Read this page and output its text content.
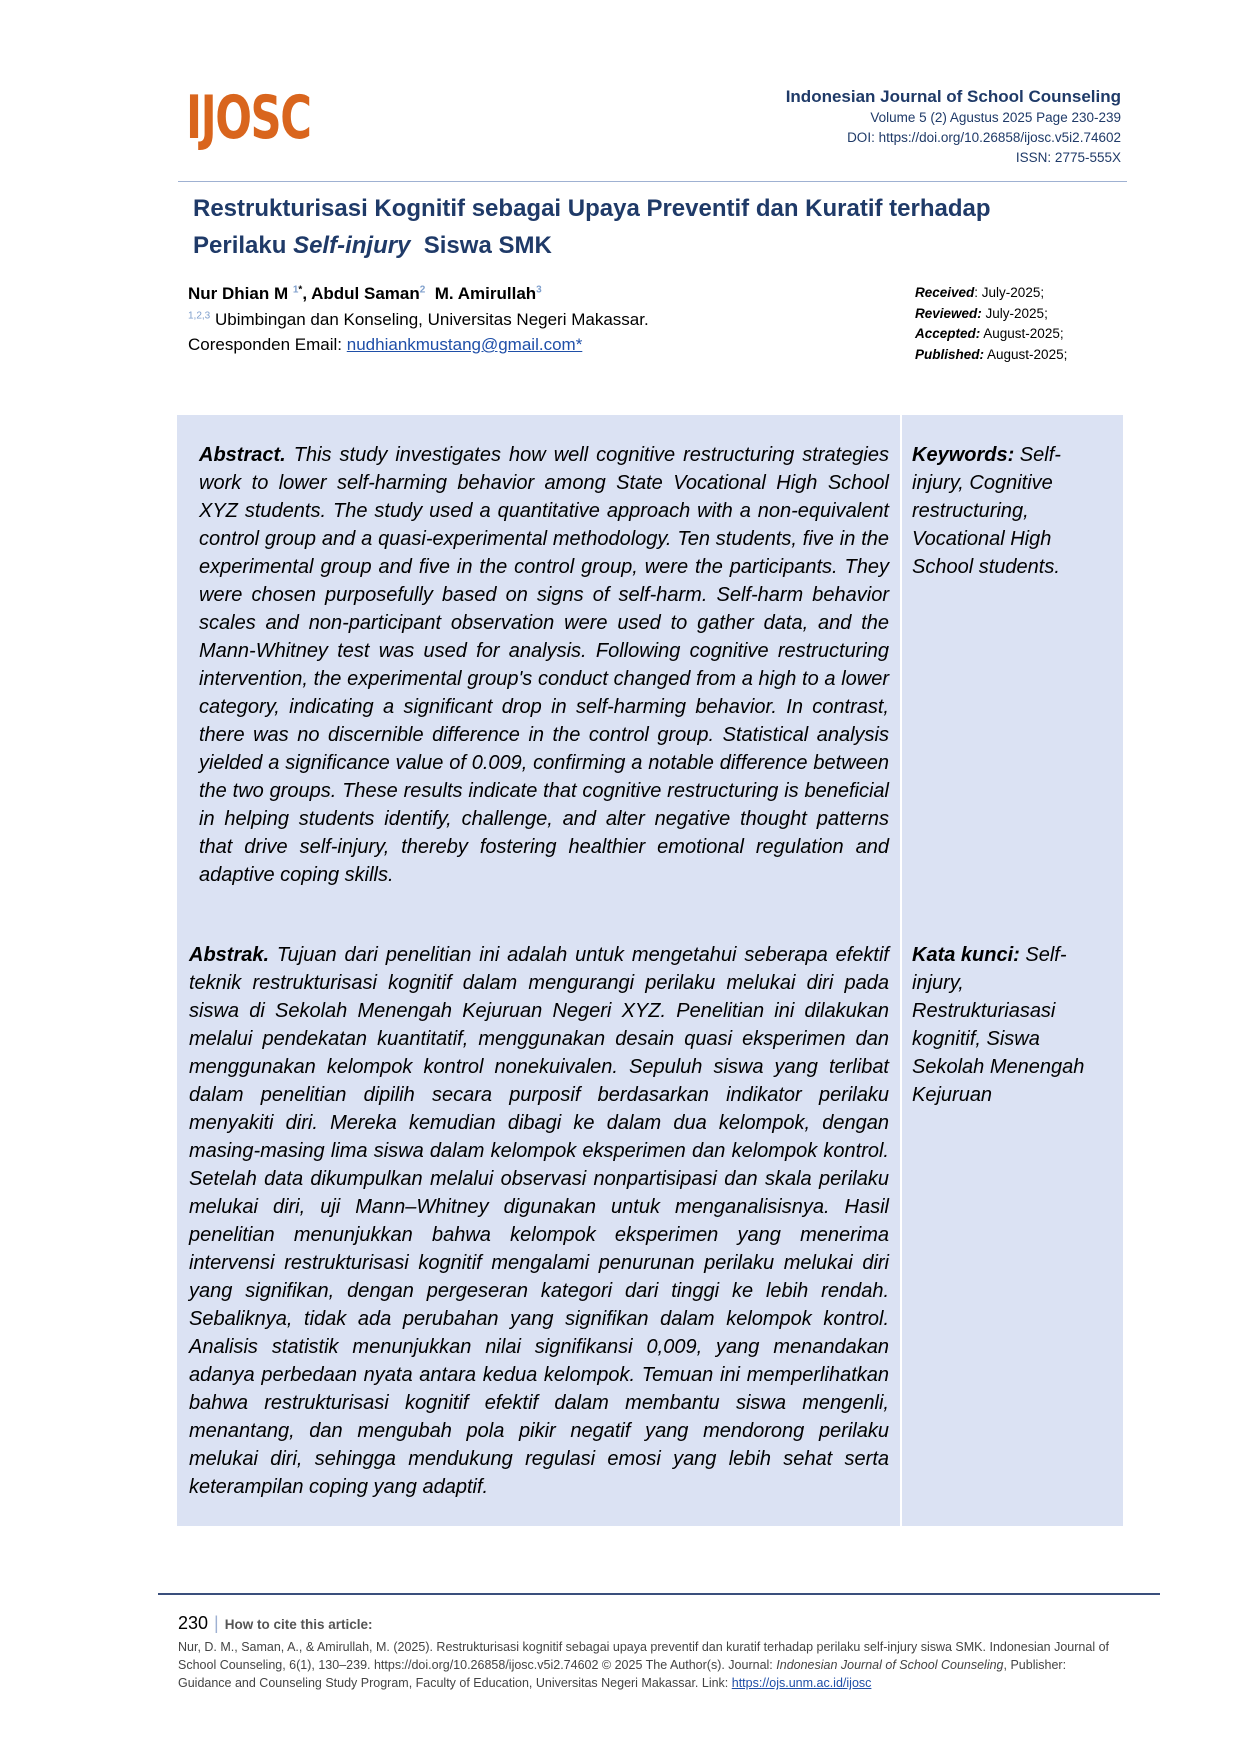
IJOSC	Indonesian Journal of School Counseling
Volume 5 (2) Agustus 2025 Page 230-239
DOI: https://doi.org/10.26858/ijosc.v5i2.74602
ISSN: 2775-555X
Restrukturisasi Kognitif sebagai Upaya Preventif dan Kuratif terhadap
Perilaku Self-injury  Siswa SMK
Nur Dhian M $^{1*}$, Abdul Saman$^2$  M. Amirullah$^3$
$^{1,2,3}$ Ubimbingan dan Konseling, Universitas Negeri Makassar.
Coresponden Email: nudhiankmustang@gmail.com*
Received: July-2025;
Reviewed: July-2025;
Accepted: August-2025;
Published: August-2025;
Abstract. This study investigates how well cognitive restructuring strategies work to lower self-harming behavior among State Vocational High School XYZ students. The study used a quantitative approach with a non-equivalent control group and a quasi-experimental methodology. Ten students, five in the experimental group and five in the control group, were the participants. They were chosen purposefully based on signs of self-harm. Self-harm behavior scales and non-participant observation were used to gather data, and the Mann-Whitney test was used for analysis. Following cognitive restructuring intervention, the experimental group's conduct changed from a high to a lower category, indicating a significant drop in self-harming behavior. In contrast, there was no discernible difference in the control group. Statistical analysis yielded a significance value of 0.009, confirming a notable difference between the two groups. These results indicate that cognitive restructuring is beneficial in helping students identify, challenge, and alter negative thought patterns that drive self-injury, thereby fostering healthier emotional regulation and adaptive coping skills.
Keywords: Self-injury, Cognitive restructuring, Vocational High School students.
Abstrak. Tujuan dari penelitian ini adalah untuk mengetahui seberapa efektif teknik restrukturisasi kognitif dalam mengurangi perilaku melukai diri pada siswa di Sekolah Menengah Kejuruan Negeri XYZ. Penelitian ini dilakukan melalui pendekatan kuantitatif, menggunakan desain quasi eksperimen dan menggunakan kelompok kontrol nonekuivalen. Sepuluh siswa yang terlibat dalam penelitian dipilih secara purposif berdasarkan indikator perilaku menyakiti diri. Mereka kemudian dibagi ke dalam dua kelompok, dengan masing-masing lima siswa dalam kelompok eksperimen dan kelompok kontrol. Setelah data dikumpulkan melalui observasi nonpartisipasi dan skala perilaku melukai diri, uji Mann–Whitney digunakan untuk menganalisisnya. Hasil penelitian menunjukkan bahwa kelompok eksperimen yang menerima intervensi restrukturisasi kognitif mengalami penurunan perilaku melukai diri yang signifikan, dengan pergeseran kategori dari tinggi ke lebih rendah. Sebaliknya, tidak ada perubahan yang signifikan dalam kelompok kontrol. Analisis statistik menunjukkan nilai signifikansi 0,009, yang menandakan adanya perbedaan nyata antara kedua kelompok. Temuan ini memperlihatkan bahwa restrukturisasi kognitif efektif dalam membantu siswa mengenli, menantang, dan mengubah pola pikir negatif yang mendorong perilaku melukai diri, sehingga mendukung regulasi emosi yang lebih sehat serta keterampilan coping yang adaptif.
Kata kunci: Self-injury, Restrukturiasasi kognitif, Siswa Sekolah Menengah Kejuruan
230 | How to cite this article:
Nur, D. M., Saman, A., & Amirullah, M. (2025). Restrukturisasi kognitif sebagai upaya preventif dan kuratif terhadap perilaku self-injury siswa SMK. Indonesian Journal of School Counseling, 6(1), 130–239. https://doi.org/10.26858/ijosc.v5i2.74602 © 2025 The Author(s). Journal: Indonesian Journal of School Counseling, Publisher: Guidance and Counseling Study Program, Faculty of Education, Universitas Negeri Makassar. Link: https://ojs.unm.ac.id/ijosc
